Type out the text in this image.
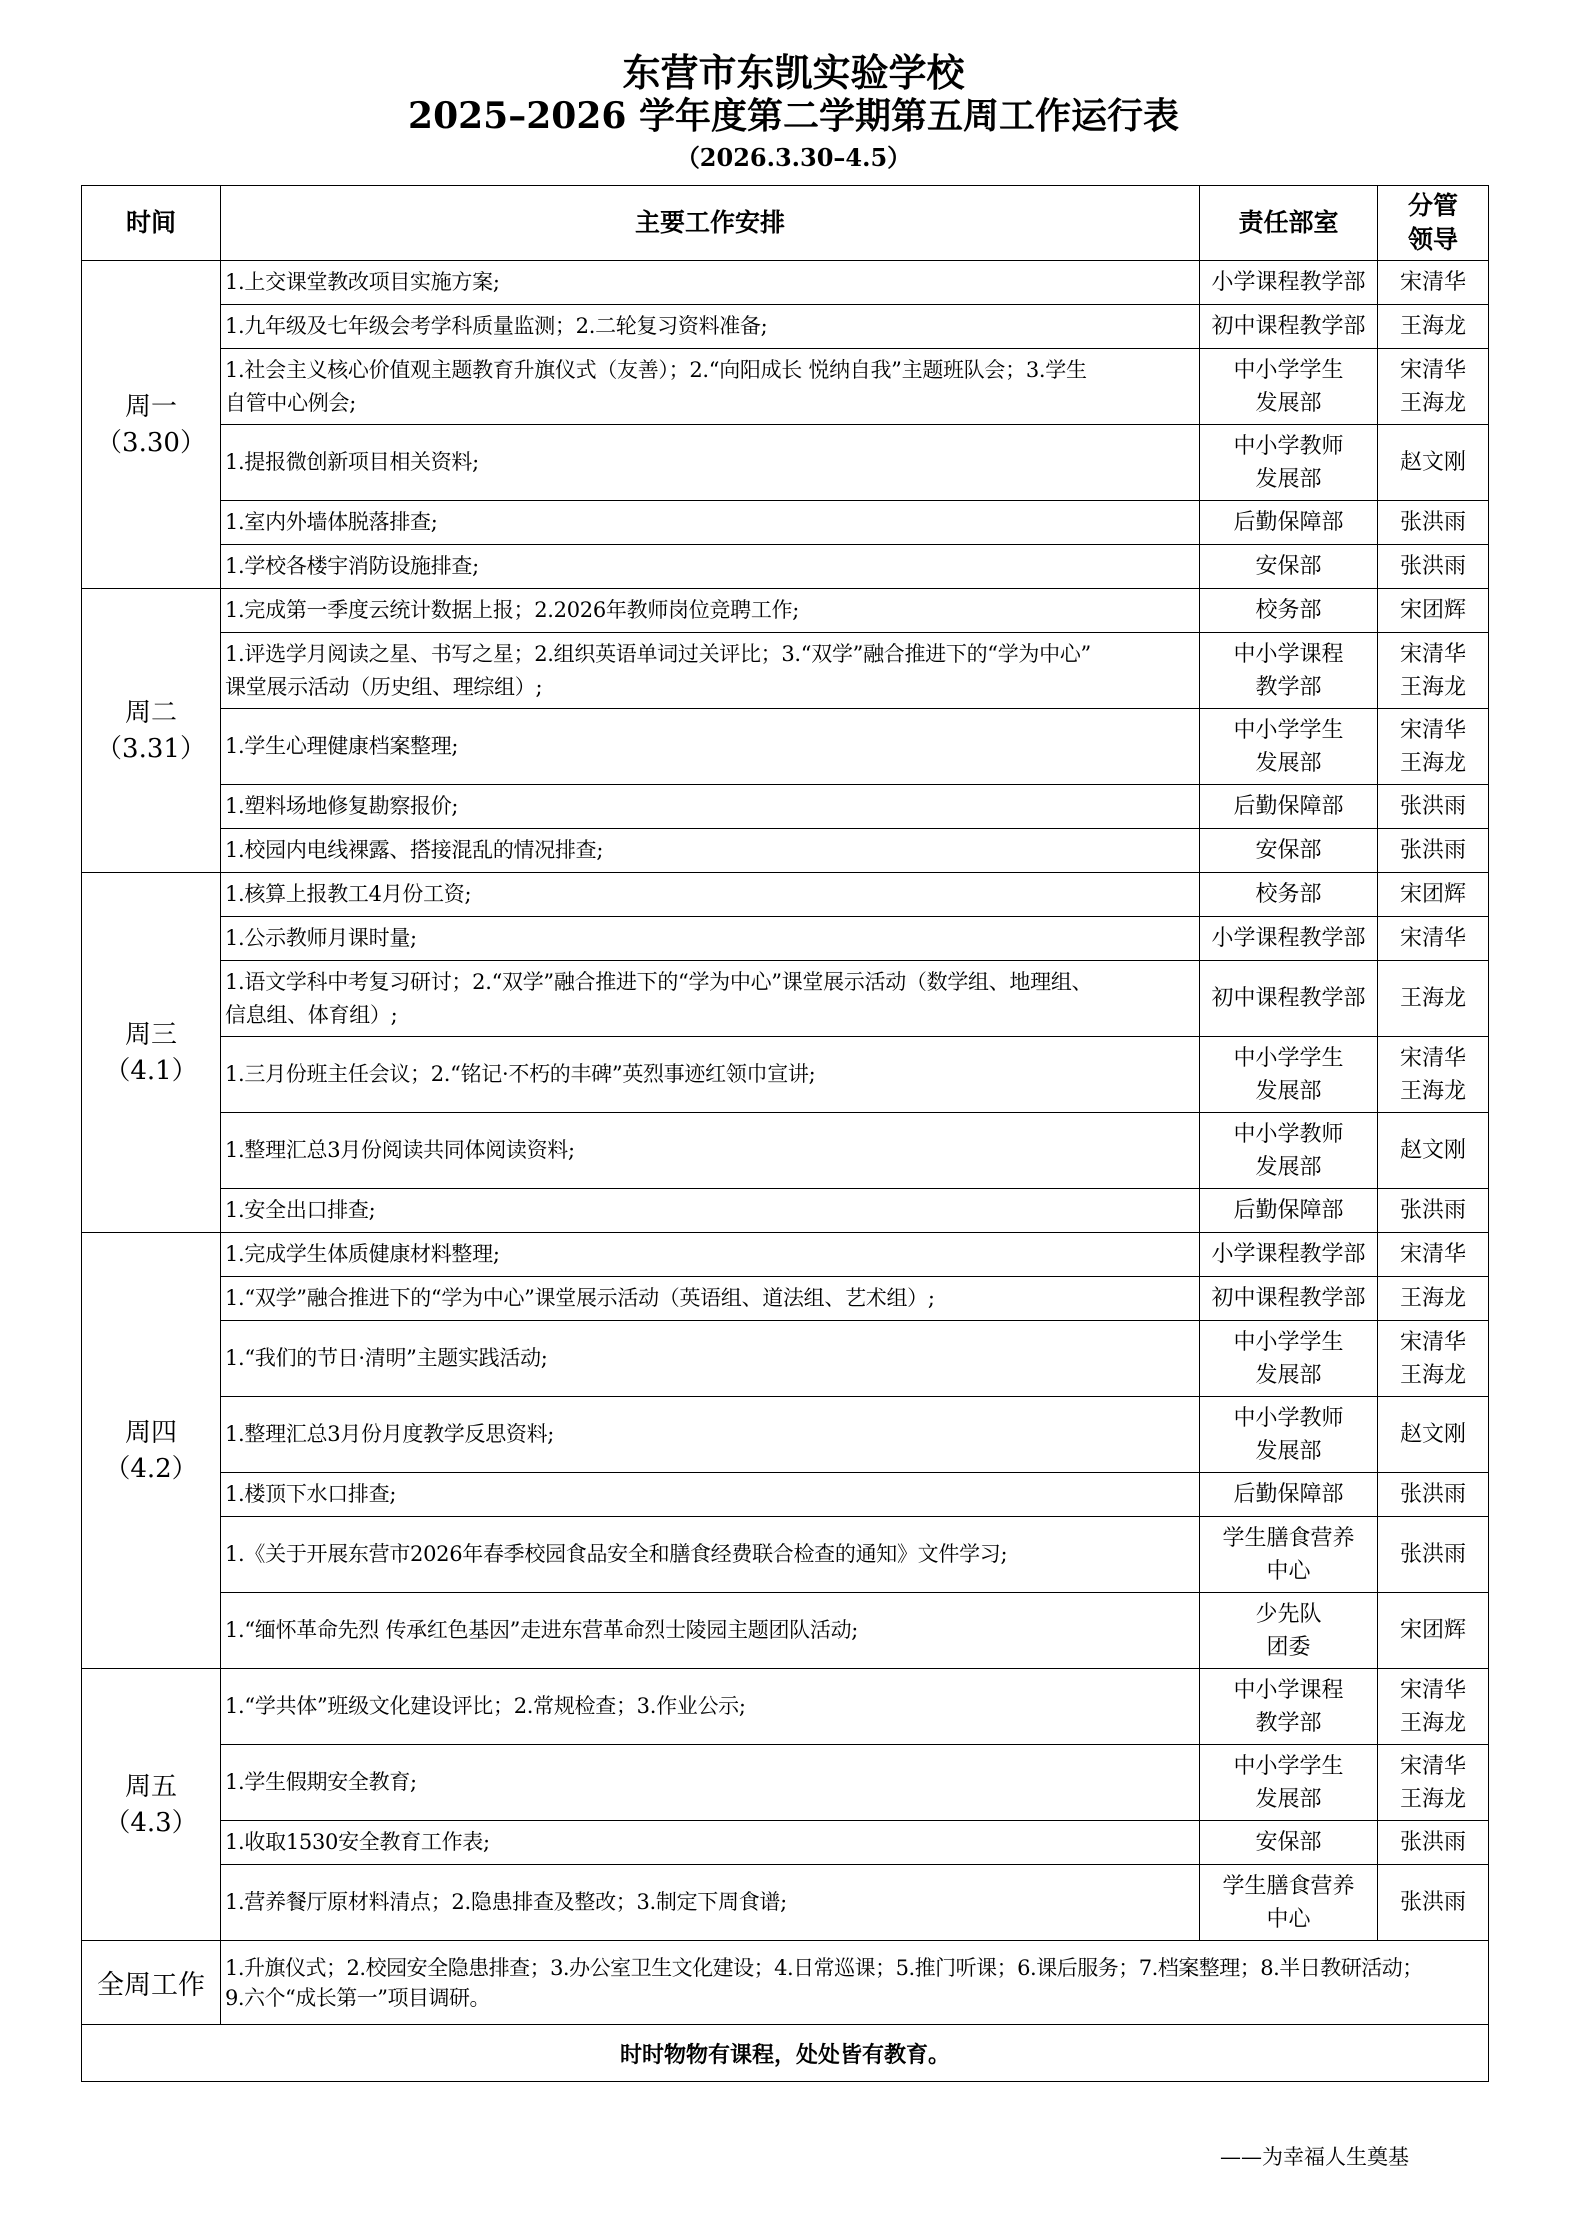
东营市东凯实验学校
2025–2026 学年度第二学期第五周工作运行表
（2026.3.30–4.5）
时间	主要工作安排	责任部室	分管
领导

周一
（3.30）	1.上交课堂教改项目实施方案;	小学课程教学部	宋清华

	1.九年级及七年级会考学科质量监测；2.二轮复习资料准备;	初中课程教学部	王海龙

	1.社会主义核心价值观主题教育升旗仪式（友善）；2.“向阳成长 悦纳自我”主题班队会；3.学生
自管中心例会;	中小学学生
发展部	宋清华
王海龙

	1.提报微创新项目相关资料;	中小学教师
发展部	赵文刚

	1.室内外墙体脱落排查;	后勤保障部	张洪雨

	1.学校各楼宇消防设施排查;	安保部	张洪雨

周二
（3.31）	1.完成第一季度云统计数据上报；2.2026年教师岗位竞聘工作;	校务部	宋团辉

	1.评选学月阅读之星、书写之星；2.组织英语单词过关评比；3.“双学”融合推进下的“学为中心”
课堂展示活动（历史组、理综组）;	中小学课程
教学部	宋清华
王海龙

	1.学生心理健康档案整理;	中小学学生
发展部	宋清华
王海龙

	1.塑料场地修复勘察报价;	后勤保障部	张洪雨

	1.校园内电线裸露、搭接混乱的情况排查;	安保部	张洪雨

周三
（4.1）	1.核算上报教工4月份工资;	校务部	宋团辉

	1.公示教师月课时量;	小学课程教学部	宋清华

	1.语文学科中考复习研讨；2.“双学”融合推进下的“学为中心”课堂展示活动（数学组、地理组、
信息组、体育组）;	初中课程教学部	王海龙

	1.三月份班主任会议；2.“铭记·不朽的丰碑”英烈事迹红领巾宣讲;	中小学学生
发展部	宋清华
王海龙

	1.整理汇总3月份阅读共同体阅读资料;	中小学教师
发展部	赵文刚

	1.安全出口排查;	后勤保障部	张洪雨

周四
（4.2）	1.完成学生体质健康材料整理;	小学课程教学部	宋清华

	1.“双学”融合推进下的“学为中心”课堂展示活动（英语组、道法组、艺术组）;	初中课程教学部	王海龙

	1.“我们的节日·清明”主题实践活动;	中小学学生
发展部	宋清华
王海龙

	1.整理汇总3月份月度教学反思资料;	中小学教师
发展部	赵文刚

	1.楼顶下水口排查;	后勤保障部	张洪雨

	1.《关于开展东营市2026年春季校园食品安全和膳食经费联合检查的通知》文件学习;	学生膳食营养
中心	张洪雨

	1.“缅怀革命先烈 传承红色基因”走进东营革命烈士陵园主题团队活动;	少先队
团委	宋团辉

周五
（4.3）	1.“学共体”班级文化建设评比；2.常规检查；3.作业公示;	中小学课程
教学部	宋清华
王海龙

	1.学生假期安全教育;	中小学学生
发展部	宋清华
王海龙

	1.收取1530安全教育工作表;	安保部	张洪雨

	1.营养餐厅原材料清点；2.隐患排查及整改；3.制定下周食谱;	学生膳食营养
中心	张洪雨

全周工作	1.升旗仪式；2.校园安全隐患排查；3.办公室卫生文化建设；4.日常巡课；5.推门听课；6.课后服务；7.档案整理；8.半日教研活动；
9.六个“成长第一”项目调研。		

时时物物有课程，处处皆有教育。			
——为幸福人生奠基
